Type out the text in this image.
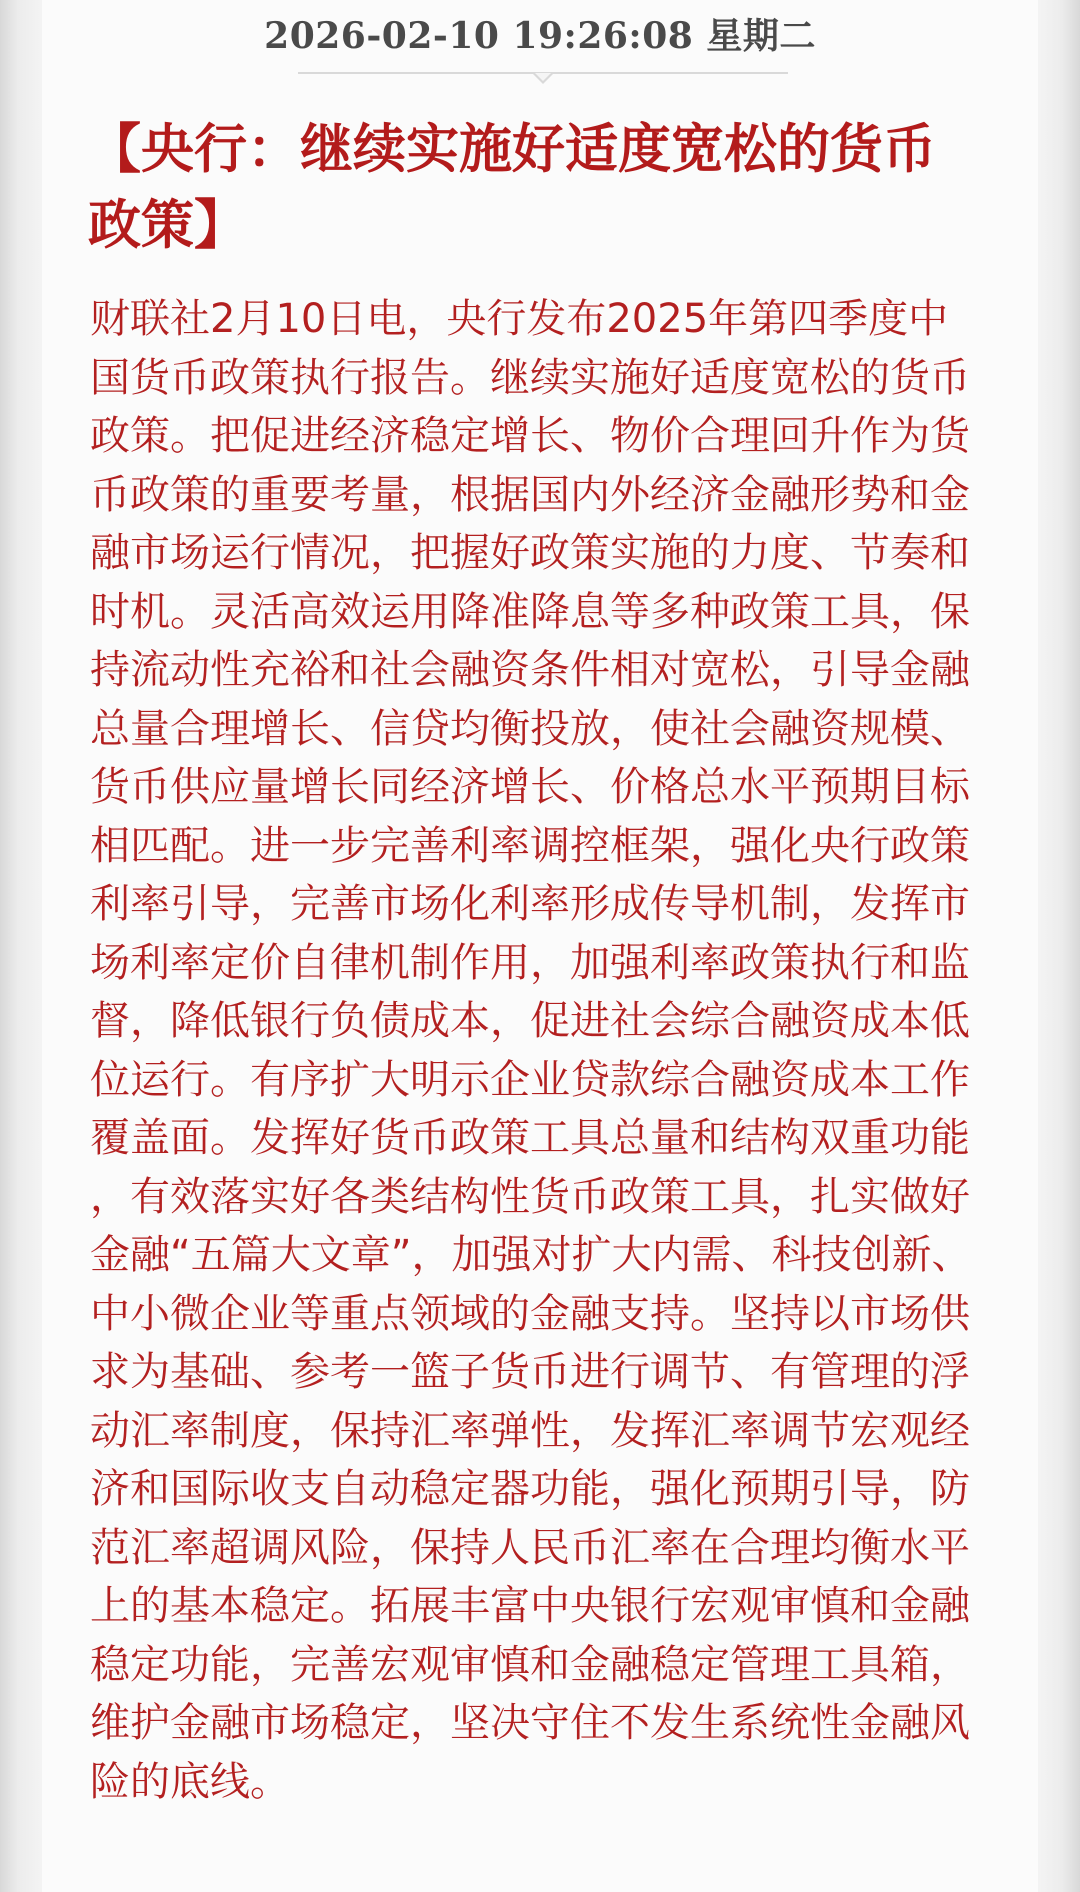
2026-02-10 19:26:08 星期二
【央行：继续实施好适度宽松的货币政策】
财联社2月10日电，央行发布2025年第四季度中国货币政策执行报告。继续实施好适度宽松的货币政策。把促进经济稳定增长、物价合理回升作为货币政策的重要考量，根据国内外经济金融形势和金融市场运行情况，把握好政策实施的力度、节奏和时机。灵活高效运用降准降息等多种政策工具，保持流动性充裕和社会融资条件相对宽松，引导金融总量合理增长、信贷均衡投放，使社会融资规模、货币供应量增长同经济增长、价格总水平预期目标相匹配。进一步完善利率调控框架，强化央行政策利率引导，完善市场化利率形成传导机制，发挥市场利率定价自律机制作用，加强利率政策执行和监督，降低银行负债成本，促进社会综合融资成本低位运行。有序扩大明示企业贷款综合融资成本工作覆盖面。发挥好货币政策工具总量和结构双重功能，有效落实好各类结构性货币政策工具，扎实做好金融“五篇大文章”，加强对扩大内需、科技创新、中小微企业等重点领域的金融支持。坚持以市场供求为基础、参考一篮子货币进行调节、有管理的浮动汇率制度，保持汇率弹性，发挥汇率调节宏观经济和国际收支自动稳定器功能，强化预期引导，防范汇率超调风险，保持人民币汇率在合理均衡水平上的基本稳定。拓展丰富中央银行宏观审慎和金融稳定功能，完善宏观审慎和金融稳定管理工具箱，维护金融市场稳定，坚决守住不发生系统性金融风险的底线。
